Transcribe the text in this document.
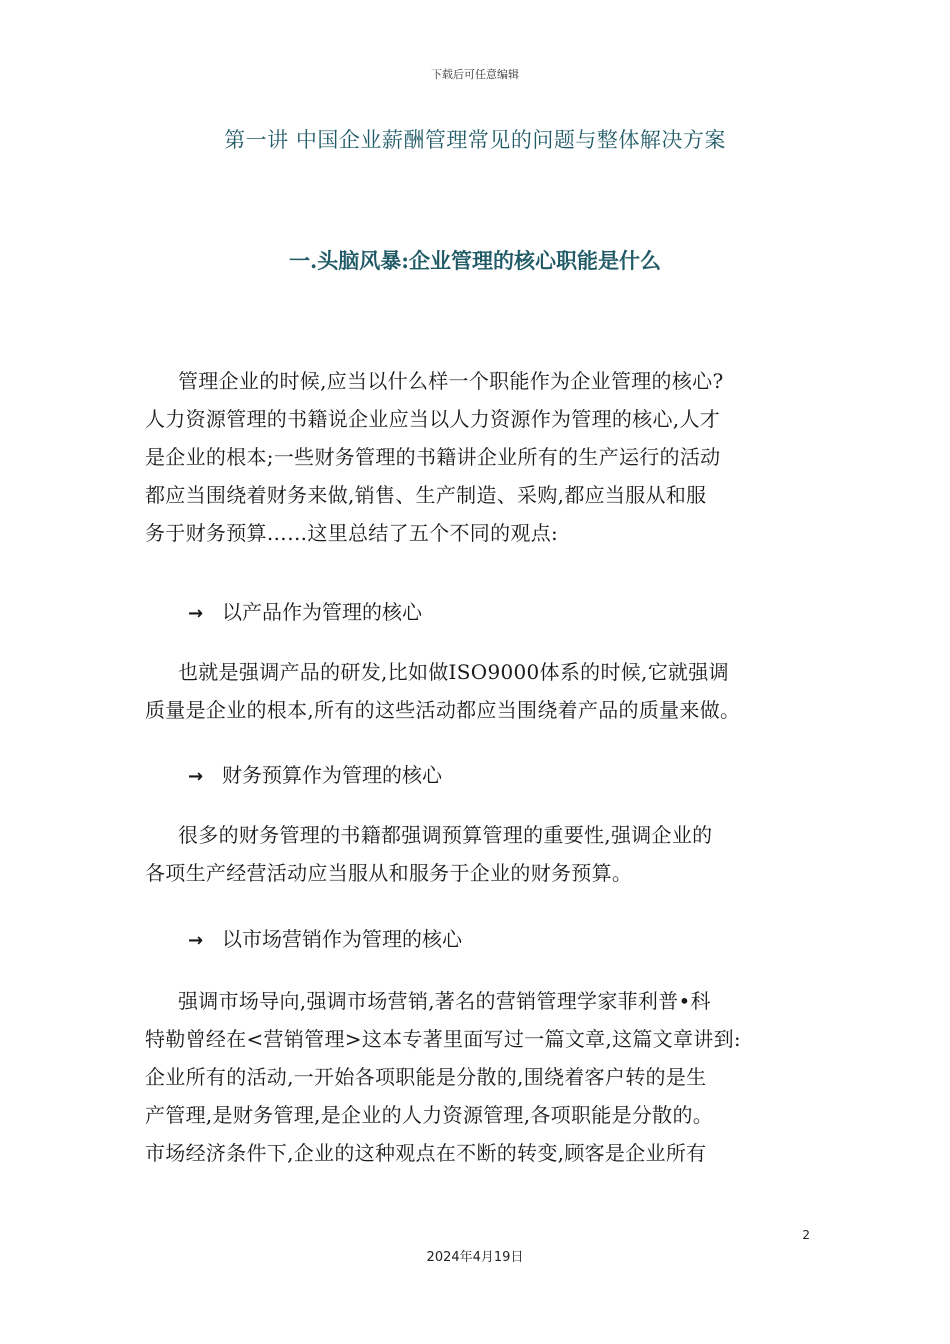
下载后可任意编辑
第一讲 中国企业薪酬管理常见的问题与整体解决方案
一.头脑风暴:企业管理的核心职能是什么
管理企业的时候,应当以什么样一个职能作为企业管理的核心?
人力资源管理的书籍说企业应当以人力资源作为管理的核心,人才
是企业的根本;一些财务管理的书籍讲企业所有的生产运行的活动
都应当围绕着财务来做,销售、生产制造、采购,都应当服从和服
务于财务预算……这里总结了五个不同的观点:
→ 以产品作为管理的核心
也就是强调产品的研发,比如做ISO9000体系的时候,它就强调
质量是企业的根本,所有的这些活动都应当围绕着产品的质量来做。
→ 财务预算作为管理的核心
很多的财务管理的书籍都强调预算管理的重要性,强调企业的
各项生产经营活动应当服从和服务于企业的财务预算。
→ 以市场营销作为管理的核心
强调市场导向,强调市场营销,著名的营销管理学家菲利普•科
特勒曾经在<营销管理>这本专著里面写过一篇文章,这篇文章讲到:
企业所有的活动,一开始各项职能是分散的,围绕着客户转的是生
产管理,是财务管理,是企业的人力资源管理,各项职能是分散的。
市场经济条件下,企业的这种观点在不断的转变,顾客是企业所有
2
2024年4月19日
